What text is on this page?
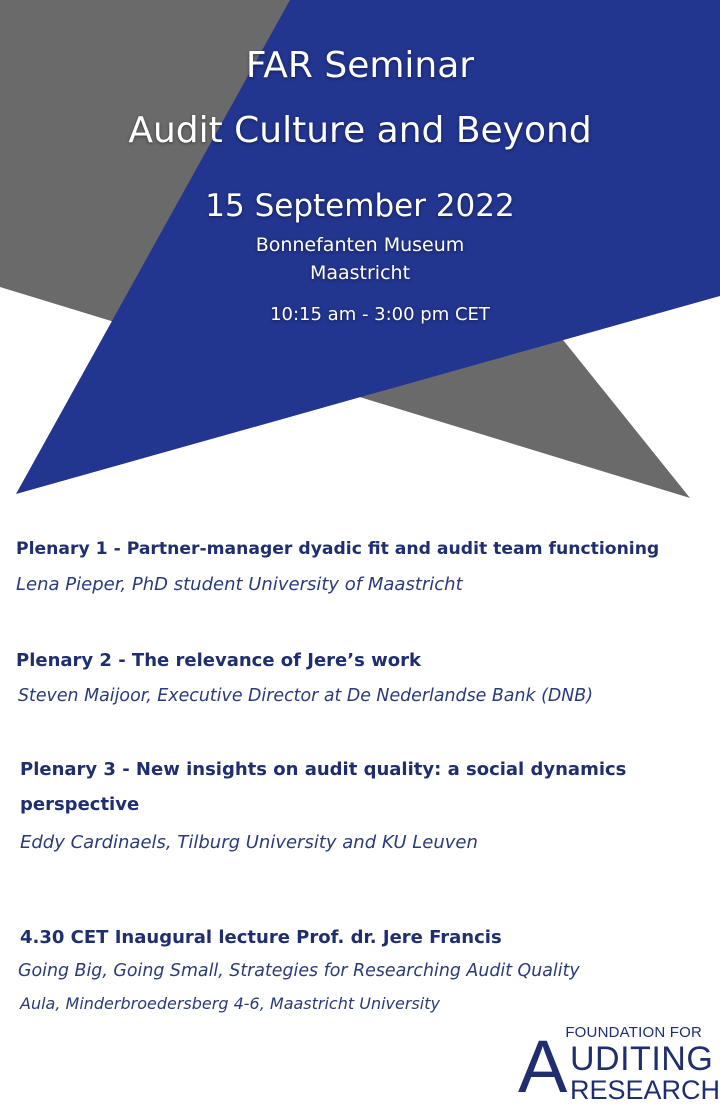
FAR Seminar
Audit Culture and Beyond
15 September 2022
Bonnefanten Museum
Maastricht
10:15 am - 3:00 pm CET
Plenary 1 - Partner-manager dyadic fit and audit team functioning
Lena Pieper, PhD student University of Maastricht
Plenary 2 - The relevance of Jere’s work
Steven Maijoor, Executive Director at De Nederlandse Bank (DNB)
Plenary 3 - New insights on audit quality: a social dynamics
perspective
Eddy Cardinaels, Tilburg University and KU Leuven
4.30 CET Inaugural lecture Prof. dr. Jere Francis
Going Big, Going Small, Strategies for Researching Audit Quality
Aula, Minderbroedersberg 4-6, Maastricht University
FOUNDATION FOR
A UDITING
RESEARCH
